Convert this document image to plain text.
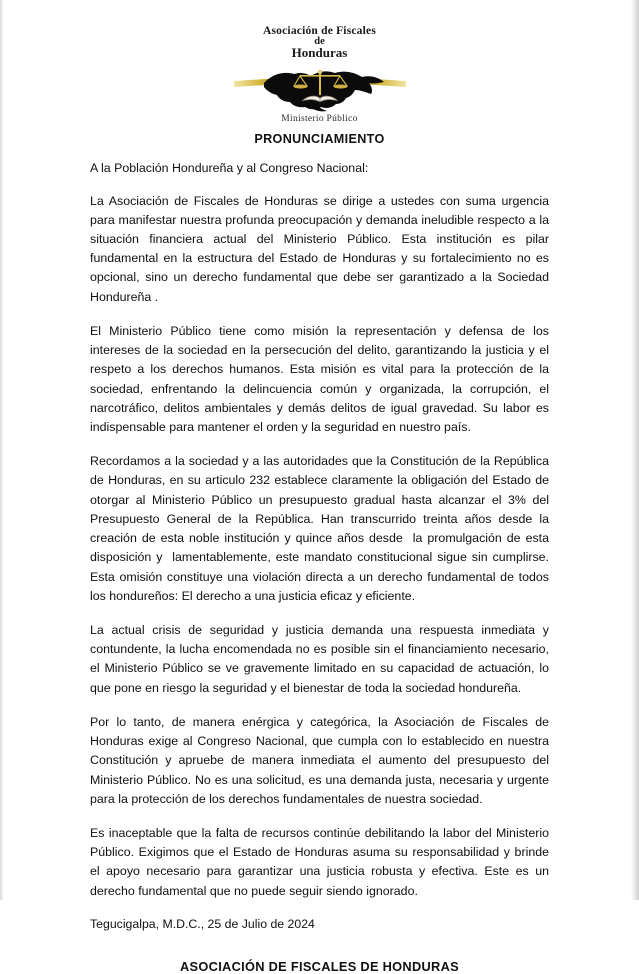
Asociación de Fiscales
de
Honduras
Ministerio Público
PRONUNCIAMIENTO

A la Población Hondureña y al Congreso Nacional:

La Asociación de Fiscales de Honduras se dirige a ustedes con suma urgencia para manifestar nuestra profunda preocupación y demanda ineludible respecto a la situación financiera actual del Ministerio Público. Esta institución es pilar fundamental en la estructura del Estado de Honduras y su fortalecimiento no es opcional, sino un derecho fundamental que debe ser garantizado a la Sociedad Hondureña .

El Ministerio Público tiene como misión la representación y defensa de los intereses de la sociedad en la persecución del delito, garantizando la justicia y el respeto a los derechos humanos. Esta misión es vital para la protección de la sociedad, enfrentando la delincuencia común y organizada, la corrupción, el narcotráfico, delitos ambientales y demás delitos de igual gravedad. Su labor es indispensable para mantener el orden y la seguridad en nuestro país.

Recordamos a la sociedad y a las autoridades que la Constitución de la República de Honduras, en su articulo 232 establece claramente la obligación del Estado de otorgar al Ministerio Público un presupuesto gradual hasta alcanzar el 3% del Presupuesto General de la República. Han transcurrido treinta años desde la creación de esta noble institución y quince años desde  la promulgación de esta disposición y  lamentablemente, este mandato constitucional sigue sin cumplirse. Esta omisión constituye una violación directa a un derecho fundamental de todos los hondureños: El derecho a una justicia eficaz y eficiente.

La actual crisis de seguridad y justicia demanda una respuesta inmediata y contundente, la lucha encomendada no es posible sin el financiamiento necesario, el Ministerio Público se ve gravemente limitado en su capacidad de actuación, lo que pone en riesgo la seguridad y el bienestar de toda la sociedad hondureña.

Por lo tanto, de manera enérgica y categórica, la Asociación de Fiscales de Honduras exige al Congreso Nacional, que cumpla con lo establecido en nuestra Constitución y apruebe de manera inmediata el aumento del presupuesto del Ministerio Público. No es una solicitud, es una demanda justa, necesaria y urgente para la protección de los derechos fundamentales de nuestra sociedad.

Es inaceptable que la falta de recursos continúe debilitando la labor del Ministerio Público. Exigimos que el Estado de Honduras asuma su responsabilidad y brinde el apoyo necesario para garantizar una justicia robusta y efectiva. Este es un derecho fundamental que no puede seguir siendo ignorado.

Tegucigalpa, M.D.C., 25 de Julio de 2024

ASOCIACIÓN DE FISCALES DE HONDURAS
